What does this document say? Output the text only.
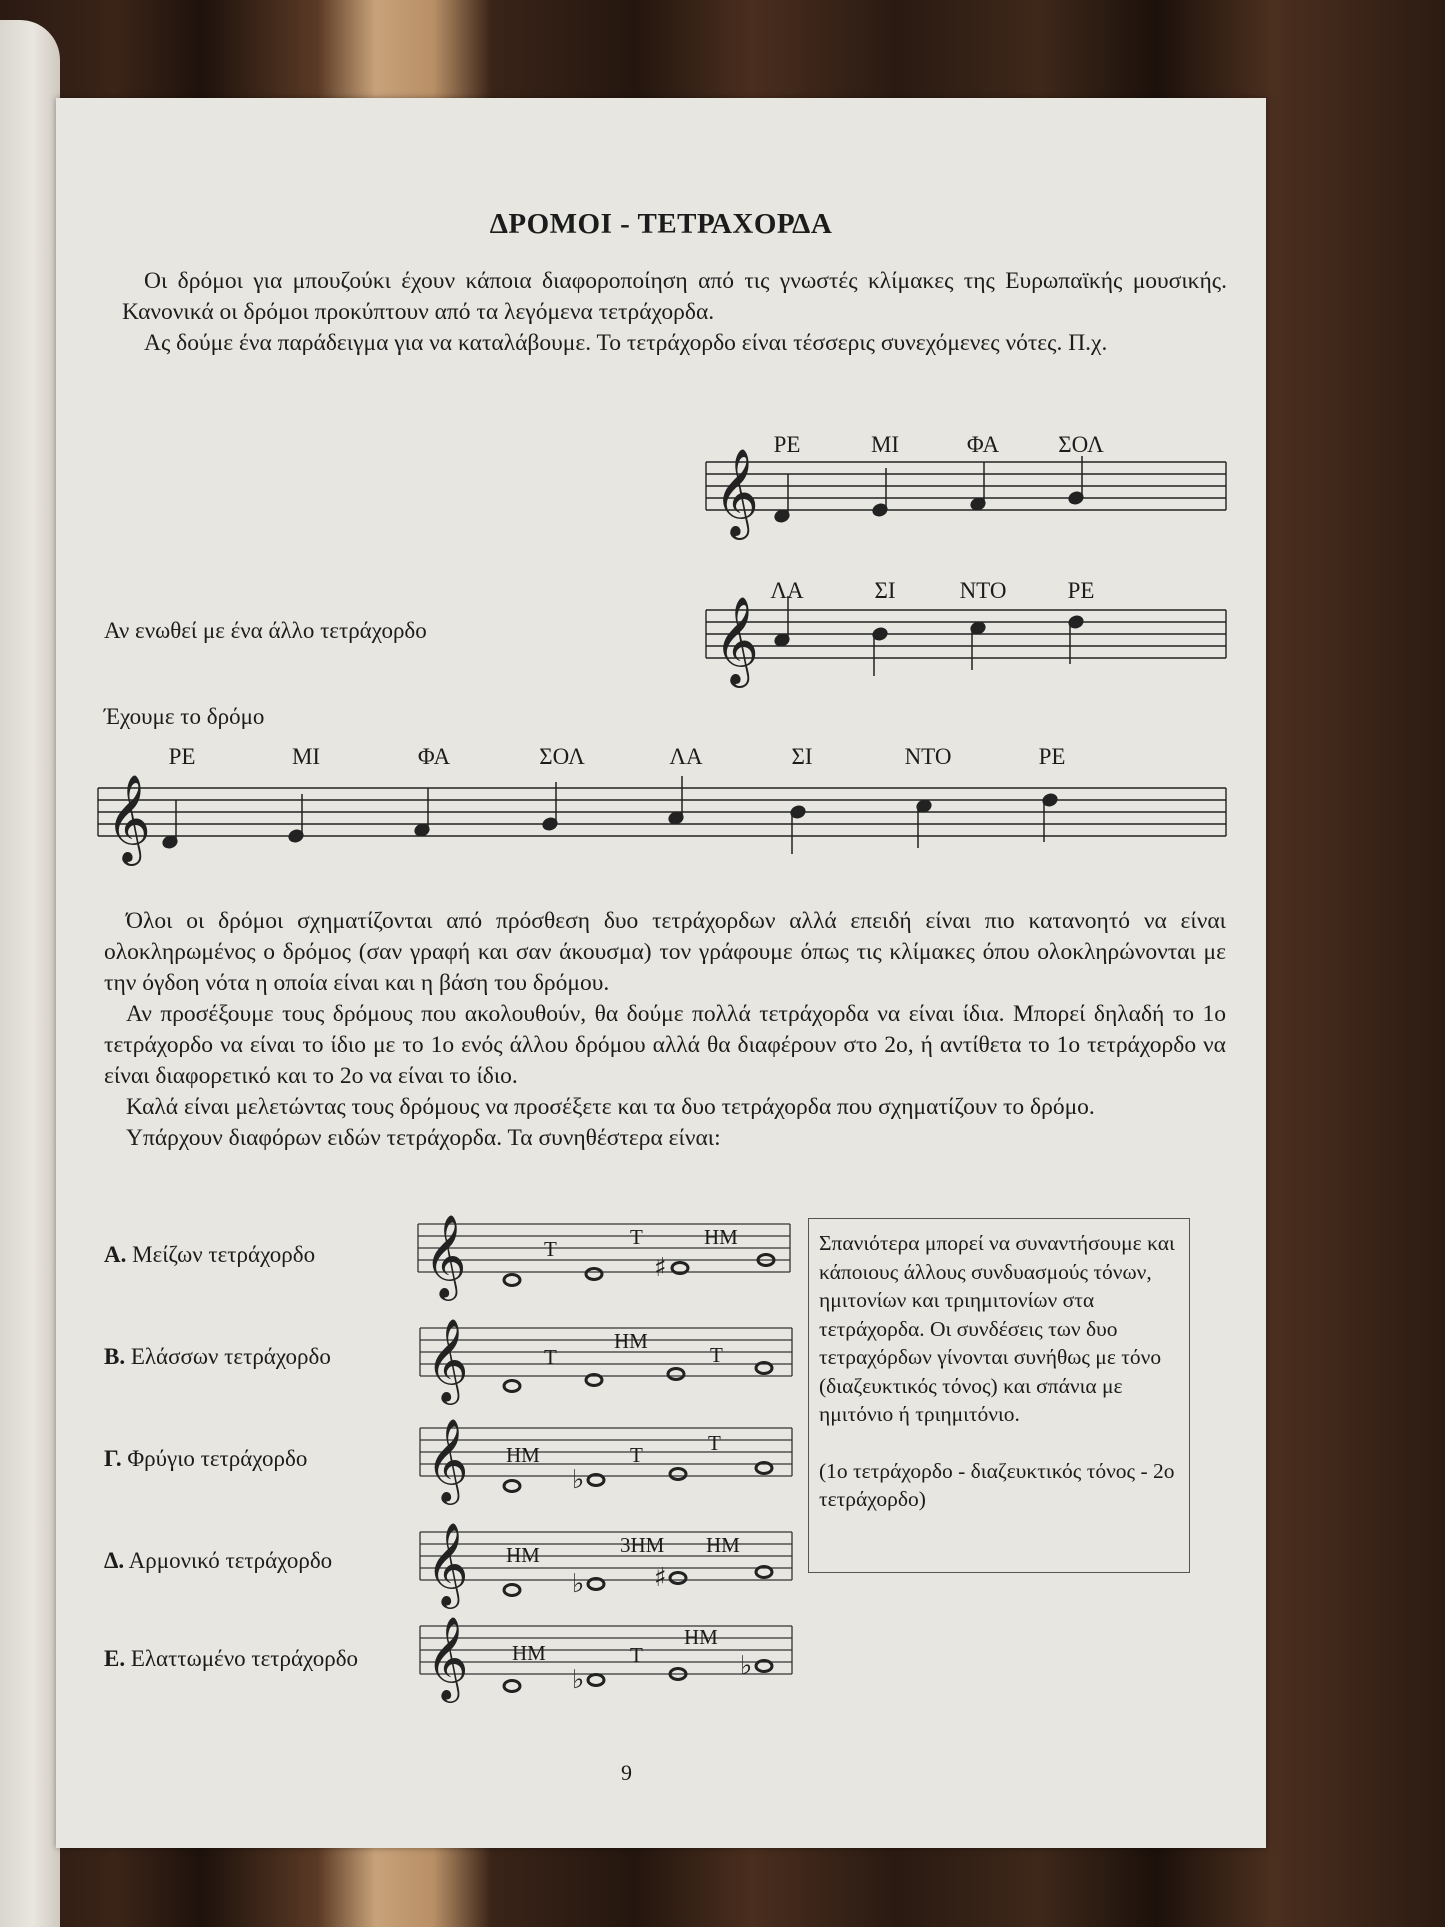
ΔΡΟΜΟΙ - ΤΕΤΡΑΧΟΡΔΑ

Οι δρόμοι για μπουζούκι έχουν κάποια διαφοροποίηση από τις γνωστές κλίμακες της Ευρωπαϊκής μουσικής. Κανονικά οι δρόμοι προκύπτουν από τα λεγόμενα τετράχορδα.

Ας δούμε ένα παράδειγμα για να καταλάβουμε. Το τετράχορδο είναι τέσσερις συνεχόμενες νότες. Π.χ.

ΡΕ	ΜΙ	ΦΑ	ΣΟΛ
𝄞
Αν ενωθεί με ένα άλλο τετράχορδο
ΛΑ	ΣΙ	ΝΤΟ	ΡΕ
𝄞
Έχουμε το δρόμο
ΡΕ	ΜΙ	ΦΑ	ΣΟΛ	ΛΑ	ΣΙ	ΝΤΟ	ΡΕ
𝄞

Όλοι οι δρόμοι σχηματίζονται από πρόσθεση δυο τετράχορδων αλλά επειδή είναι πιο κατανοητό να είναι ολοκληρωμένος ο δρόμος (σαν γραφή και σαν άκουσμα) τον γράφουμε όπως τις κλίμακες όπου ολοκληρώνονται με την όγδοη νότα η οποία είναι και η βάση του δρόμου.

Αν προσέξουμε τους δρόμους που ακολουθούν, θα δούμε πολλά τετράχορδα να είναι ίδια. Μπορεί δηλαδή το 1ο τετράχορδο να είναι το ίδιο με το 1ο ενός άλλου δρόμου αλλά θα διαφέρουν στο 2ο, ή αντίθετα το 1ο τετράχορδο να είναι διαφορετικό και το 2ο να είναι το ίδιο.

Καλά είναι μελετώντας τους δρόμους να προσέξετε και τα δυο τετράχορδα που σχηματίζουν το δρόμο.

Υπάρχουν διαφόρων ειδών τετράχορδα. Τα συνηθέστερα είναι:

Α. Μείζων τετράχορδο 𝄞	♯
T	T	ΗΜ
Β. Ελάσσων τετράχορδο 𝄞	T
ΗΜ
T
Γ. Φρύγιο τετράχορδο 𝄞	♭
ΗΜ	T	T
Δ. Αρμονικό τετράχορδο 𝄞	♭	♯
ΗΜ	3ΗΜ ΗΜ
Ε. Ελαττωμένο τετράχορδο 𝄞	♭	♭
ΗΜ	T
ΗΜ

Σπανιότερα μπορεί να συναντήσουμε και κάποιους άλλους συνδυασμούς τόνων, ημιτονίων και τριημιτονίων στα τετράχορδα. Οι συνδέσεις των δυο τετραχόρδων γίνονται συνήθως με τόνο (διαζευκτικός τόνος) και σπάνια με ημιτόνιο ή τριημιτόνιο.

(1ο τετράχορδο - διαζευκτικός τόνος - 2ο τετράχορδο)

9
